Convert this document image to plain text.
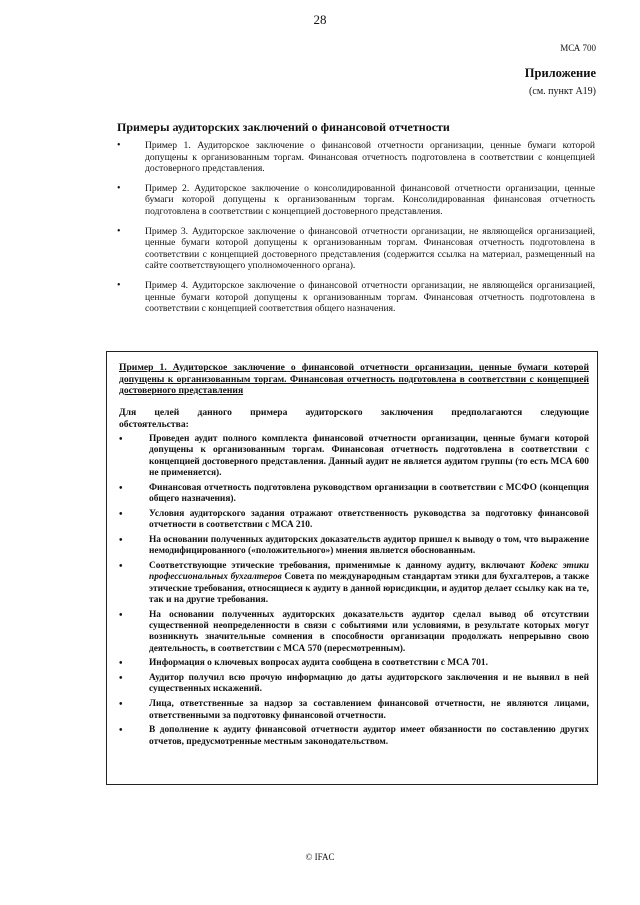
28
МСА 700
Приложение
(см. пункт А19)
Примеры аудиторских заключений о финансовой отчетности
•	Пример 1. Аудиторское заключение о финансовой отчетности организации, ценные бумаги которой допущены к организованным торгам. Финансовая отчетность подготовлена в соответствии с концепцией достоверного представления.
•	Пример 2. Аудиторское заключение о консолидированной финансовой отчетности организации, ценные бумаги которой допущены к организованным торгам. Консолидированная финансовая отчетность подготовлена в соответствии с концепцией достоверного представления.
•	Пример 3. Аудиторское заключение о финансовой отчетности организации, не являющейся организацией, ценные бумаги которой допущены к организованным торгам. Финансовая отчетность подготовлена в соответствии с концепцией достоверного представления (содержится ссылка на материал, размещенный на сайте соответствующего уполномоченного органа).
•	Пример 4. Аудиторское заключение о финансовой отчетности организации, не являющейся организацией, ценные бумаги которой допущены к организованным торгам. Финансовая отчетность подготовлена в соответствии с концепцией соответствия общего назначения.
Пример 1. Аудиторское заключение о финансовой отчетности организации, ценные бумаги которой допущены к организованным торгам. Финансовая отчетность подготовлена в соответствии с концепцией достоверного представления
Для целей данного примера аудиторского заключения предполагаются следующие обстоятельства:
•	Проведен аудит полного комплекта финансовой отчетности организации, ценные бумаги которой допущены к организованным торгам. Финансовая отчетность подготовлена в соответствии с концепцией достоверного представления. Данный аудит не является аудитом группы (то есть МСА 600 не применяется).
•	Финансовая отчетность подготовлена руководством организации в соответствии с МСФО (концепция общего назначения).
•	Условия аудиторского задания отражают ответственность руководства за подготовку финансовой отчетности в соответствии с МСА 210.
•	На основании полученных аудиторских доказательств аудитор пришел к выводу о том, что выражение немодифицированного («положительного») мнения является обоснованным.
•	Соответствующие этические требования, применимые к данному аудиту, включают Кодекс этики профессиональных бухгалтеров Совета по международным стандартам этики для бухгалтеров, а также этические требования, относящиеся к аудиту в данной юрисдикции, и аудитор делает ссылку как на те, так и на другие требования.
•	На основании полученных аудиторских доказательств аудитор сделал вывод об отсутствии существенной неопределенности в связи с событиями или условиями, в результате которых могут возникнуть значительные сомнения в способности организации продолжать непрерывно свою деятельность, в соответствии с МСА 570 (пересмотренным).
•	Информация о ключевых вопросах аудита сообщена в соответствии с МСА 701.
•	Аудитор получил всю прочую информацию до даты аудиторского заключения и не выявил в ней существенных искажений.
•	Лица, ответственные за надзор за составлением финансовой отчетности, не являются лицами, ответственными за подготовку финансовой отчетности.
•	В дополнение к аудиту финансовой отчетности аудитор имеет обязанности по составлению других отчетов, предусмотренные местным законодательством.
© IFAC
